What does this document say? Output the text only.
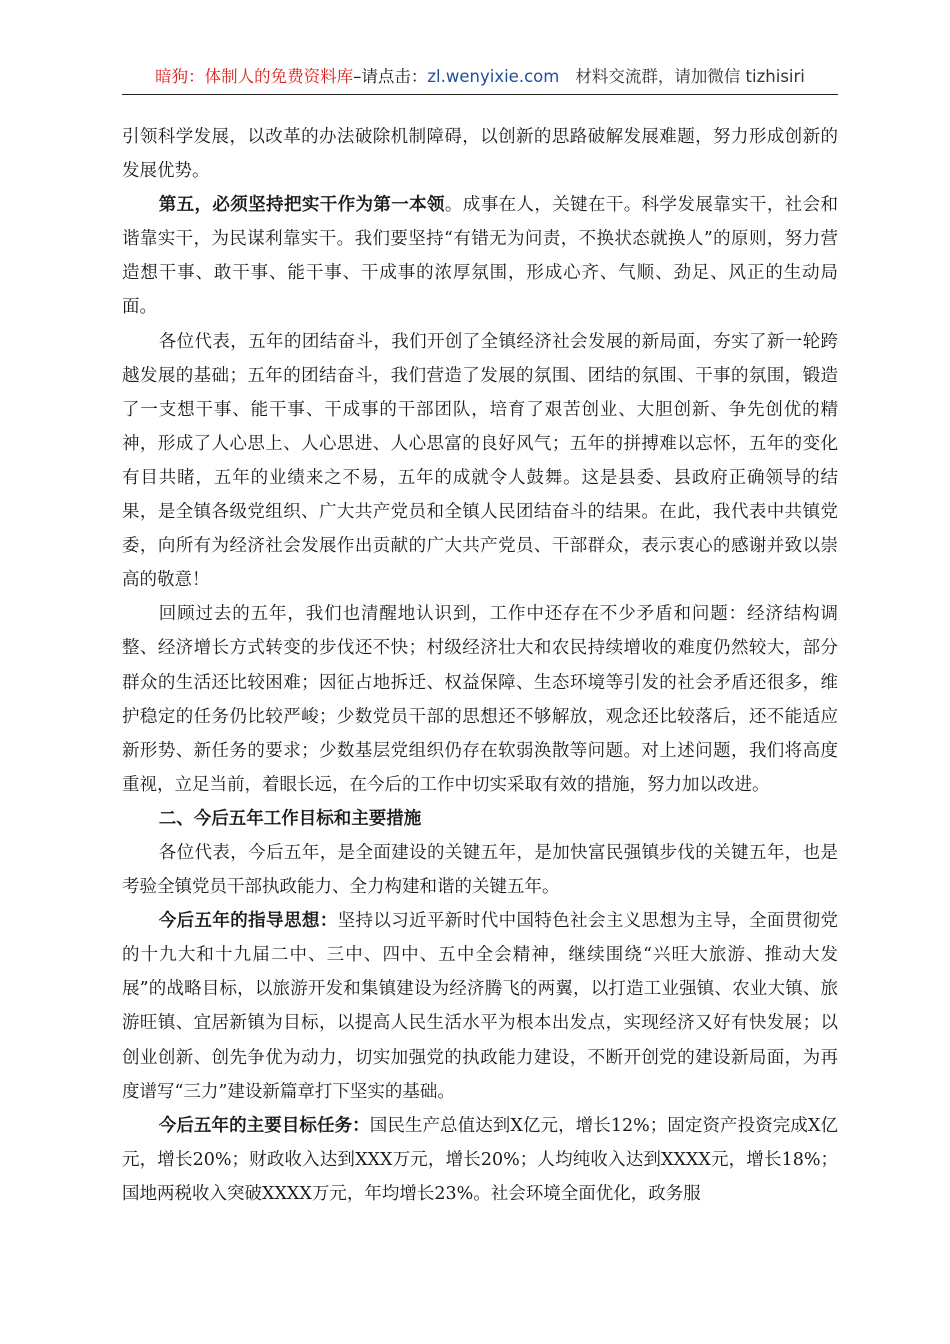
暗狗：体制人的免费资料库–请点击：zl.wenyixie.com 材料交流群，请加微信 tizhisiri

引领科学发展，以改革的办法破除机制障碍，以创新的思路破解发展难题，努力形成创新的发展优势。

第五，必须坚持把实干作为第一本领。成事在人，关键在干。科学发展靠实干，社会和谐靠实干，为民谋利靠实干。我们要坚持“有错无为问责，不换状态就换人”的原则，努力营造想干事、敢干事、能干事、干成事的浓厚氛围，形成心齐、气顺、劲足、风正的生动局面。

各位代表，五年的团结奋斗，我们开创了全镇经济社会发展的新局面，夯实了新一轮跨越发展的基础；五年的团结奋斗，我们营造了发展的氛围、团结的氛围、干事的氛围，锻造了一支想干事、能干事、干成事的干部团队，培育了艰苦创业、大胆创新、争先创优的精神，形成了人心思上、人心思进、人心思富的良好风气；五年的拼搏难以忘怀，五年的变化有目共睹，五年的业绩来之不易，五年的成就令人鼓舞。这是县委、县政府正确领导的结果，是全镇各级党组织、广大共产党员和全镇人民团结奋斗的结果。在此，我代表中共镇党委，向所有为经济社会发展作出贡献的广大共产党员、干部群众，表示衷心的感谢并致以崇高的敬意！

回顾过去的五年，我们也清醒地认识到，工作中还存在不少矛盾和问题：经济结构调整、经济增长方式转变的步伐还不快；村级经济壮大和农民持续增收的难度仍然较大，部分群众的生活还比较困难；因征占地拆迁、权益保障、生态环境等引发的社会矛盾还很多，维护稳定的任务仍比较严峻；少数党员干部的思想还不够解放，观念还比较落后，还不能适应新形势、新任务的要求；少数基层党组织仍存在软弱涣散等问题。对上述问题，我们将高度重视，立足当前，着眼长远，在今后的工作中切实采取有效的措施，努力加以改进。

二、今后五年工作目标和主要措施

各位代表，今后五年，是全面建设的关键五年，是加快富民强镇步伐的关键五年，也是考验全镇党员干部执政能力、全力构建和谐的关键五年。

今后五年的指导思想：坚持以习近平新时代中国特色社会主义思想为主导，全面贯彻党的十九大和十九届二中、三中、四中、五中全会精神，继续围绕“兴旺大旅游、推动大发展”的战略目标，以旅游开发和集镇建设为经济腾飞的两翼，以打造工业强镇、农业大镇、旅游旺镇、宜居新镇为目标，以提高人民生活水平为根本出发点，实现经济又好有快发展；以创业创新、创先争优为动力，切实加强党的执政能力建设，不断开创党的建设新局面，为再度谱写“三力”建设新篇章打下坚实的基础。

今后五年的主要目标任务：国民生产总值达到X亿元，增长12%；固定资产投资完成X亿元，增长20%；财政收入达到XXX万元，增长20%；人均纯收入达到XXXX元，增长18%；国地两税收入突破XXXX万元，年均增长23%。社会环境全面优化，政务服
